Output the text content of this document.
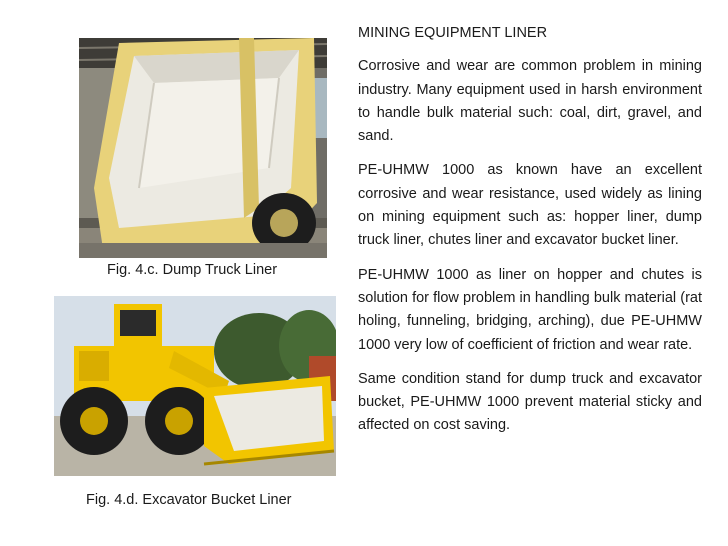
Fig. 4.c. Dump Truck Liner
Fig. 4.d. Excavator Bucket Liner
MINING EQUIPMENT LINER

Corrosive and wear are common problem in mining industry. Many equipment used in harsh environment to handle bulk material such: coal, dirt, gravel, and sand.

PE-UHMW 1000 as known have an excellent corrosive and wear resistance, used widely as lining on mining equipment such as: hopper liner, dump truck liner, chutes liner and excavator bucket liner.

PE-UHMW 1000 as liner on hopper and chutes is solution for flow problem in handling bulk material (rat holing, funneling, bridging, arching), due PE-UHMW 1000 very low of coefficient of friction and wear rate.

Same condition stand for dump truck and excavator bucket, PE-UHMW 1000 prevent material sticky and affected on cost saving.
